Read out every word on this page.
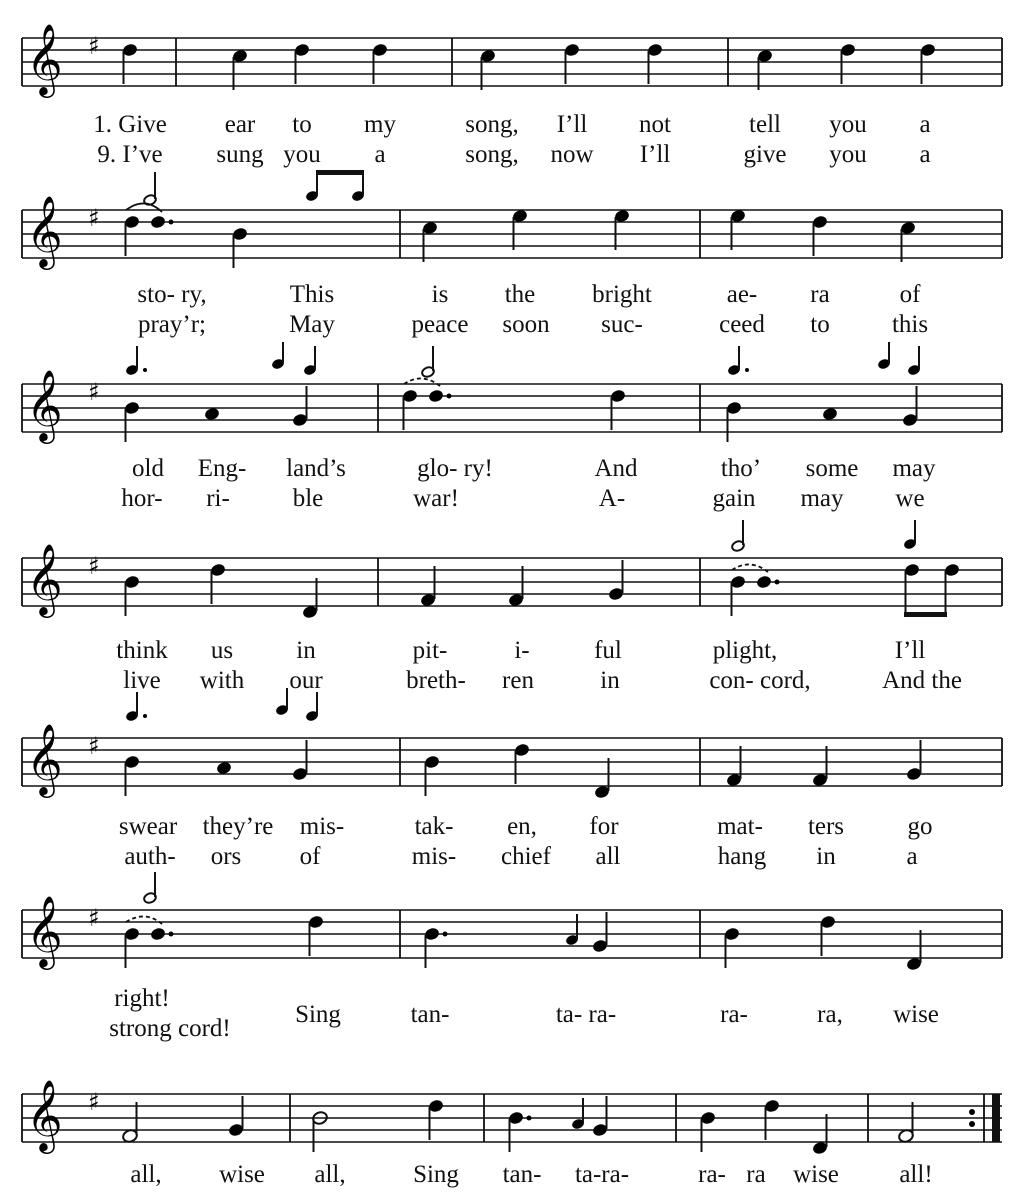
𝄞 ♯
1. Give ear to my	song, I’ll not	tell you a
9. I’ve sung you a	song, now I’ll	give you a
𝄞 ♯
sto- ry,	This	is the bright	ae- ra	of
pray’r;	May	peace soon suc-	ceed to this
𝄞 ♯
old Eng- land’s	glo- ry!	And	tho’ some may
hor- ri-	ble	war!	A-	gain may we
𝄞 ♯
think us	in	pit-	i-	ful	plight,	I’ll
live with our	breth- ren	in	con- cord,	And the
𝄞 ♯
swear they’re mis-	tak- en, for	mat- ters	go
auth- ors of	mis- chief all	hang in	a
𝄞 ♯
right!
Sing	tan-	ta- ra-	ra-	ra, wise
strong cord!
𝄞 ♯
all, wise all,	Sing tan- ta-ra-	ra- ra wise all!
